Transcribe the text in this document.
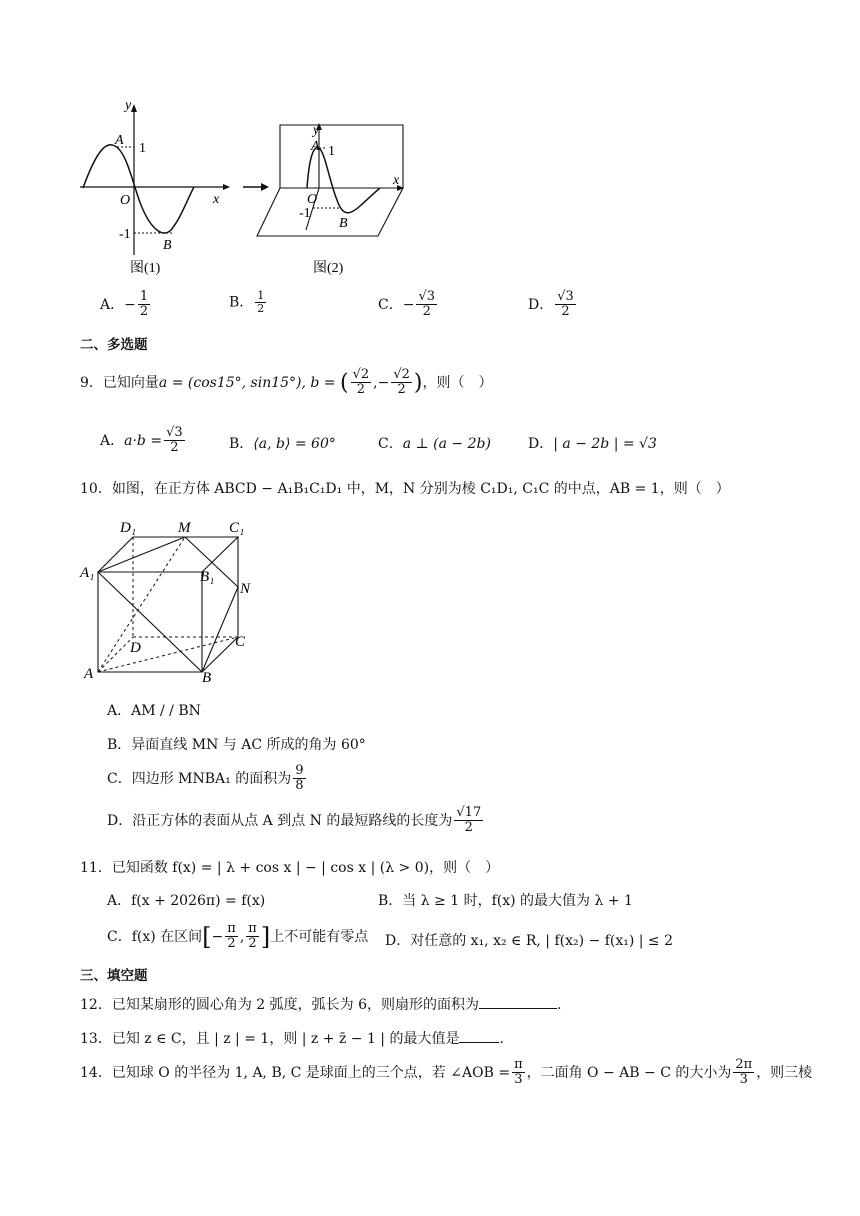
y
x
A
1
O
-1
B
图(1)
y
x
A 1
O
-1
B
图(2)
A．− $\frac{1}{2}$	B． $\frac{1}{2}$	C．− $\frac{√3}{2}$	D． $\frac{√3}{2}$
二、多选题
9．已知向量a = (cos15°, sin15°), b = ( $\frac{√2}{2}$ ,− $\frac{√2}{2}$ )，则（　）
A．$a\cdot b = \frac{√3}{2}$	B．⟨a, b⟩ = 60°	C．a ⊥ (a − 2b)	D．| a − 2b | = √3
10．如图，在正方体 ABCD − A₁B₁C₁D₁ 中，M，N 分别为棱 C₁D₁, C₁C 的中点，AB = 1，则（　）
D₁	M	C₁
A₁	B₁
N
D	C
A	B
A．AM / / BN
B．异面直线 MN 与 AC 所成的角为 60°
C．四边形 MNBA₁ 的面积为 $\frac{9}{8}$
D．沿正方体的表面从点 A 到点 N 的最短路线的长度为 $\frac{√17}{2}$
11．已知函数 f(x) = | λ + cos x | − | cos x | (λ > 0)，则（　）
A．f(x + 2026π) = f(x)	B．当 λ ≥ 1 时，f(x) 的最大值为 λ + 1
C．f(x) 在区间[− $\frac{\pi}{2}$ , $\frac{\pi}{2}$ ]上不可能有零点 D．对任意的 x₁, x₂ ∈ R, | f(x₂) − f(x₁) | ≤ 2
三、填空题
12．已知某扇形的圆心角为 2 弧度，弧长为 6，则扇形的面积为	.
13．已知 z ∈ C，且 | z | = 1，则 | z + z̄ − 1 | 的最大值是	.
14．已知球 O 的半径为 1, A, B, C 是球面上的三个点，若 ∠AOB = $\frac{\pi}{3}$ ，二面角 O − AB − C 的大小为 $\frac{2\pi}{3}$ ，则三棱
